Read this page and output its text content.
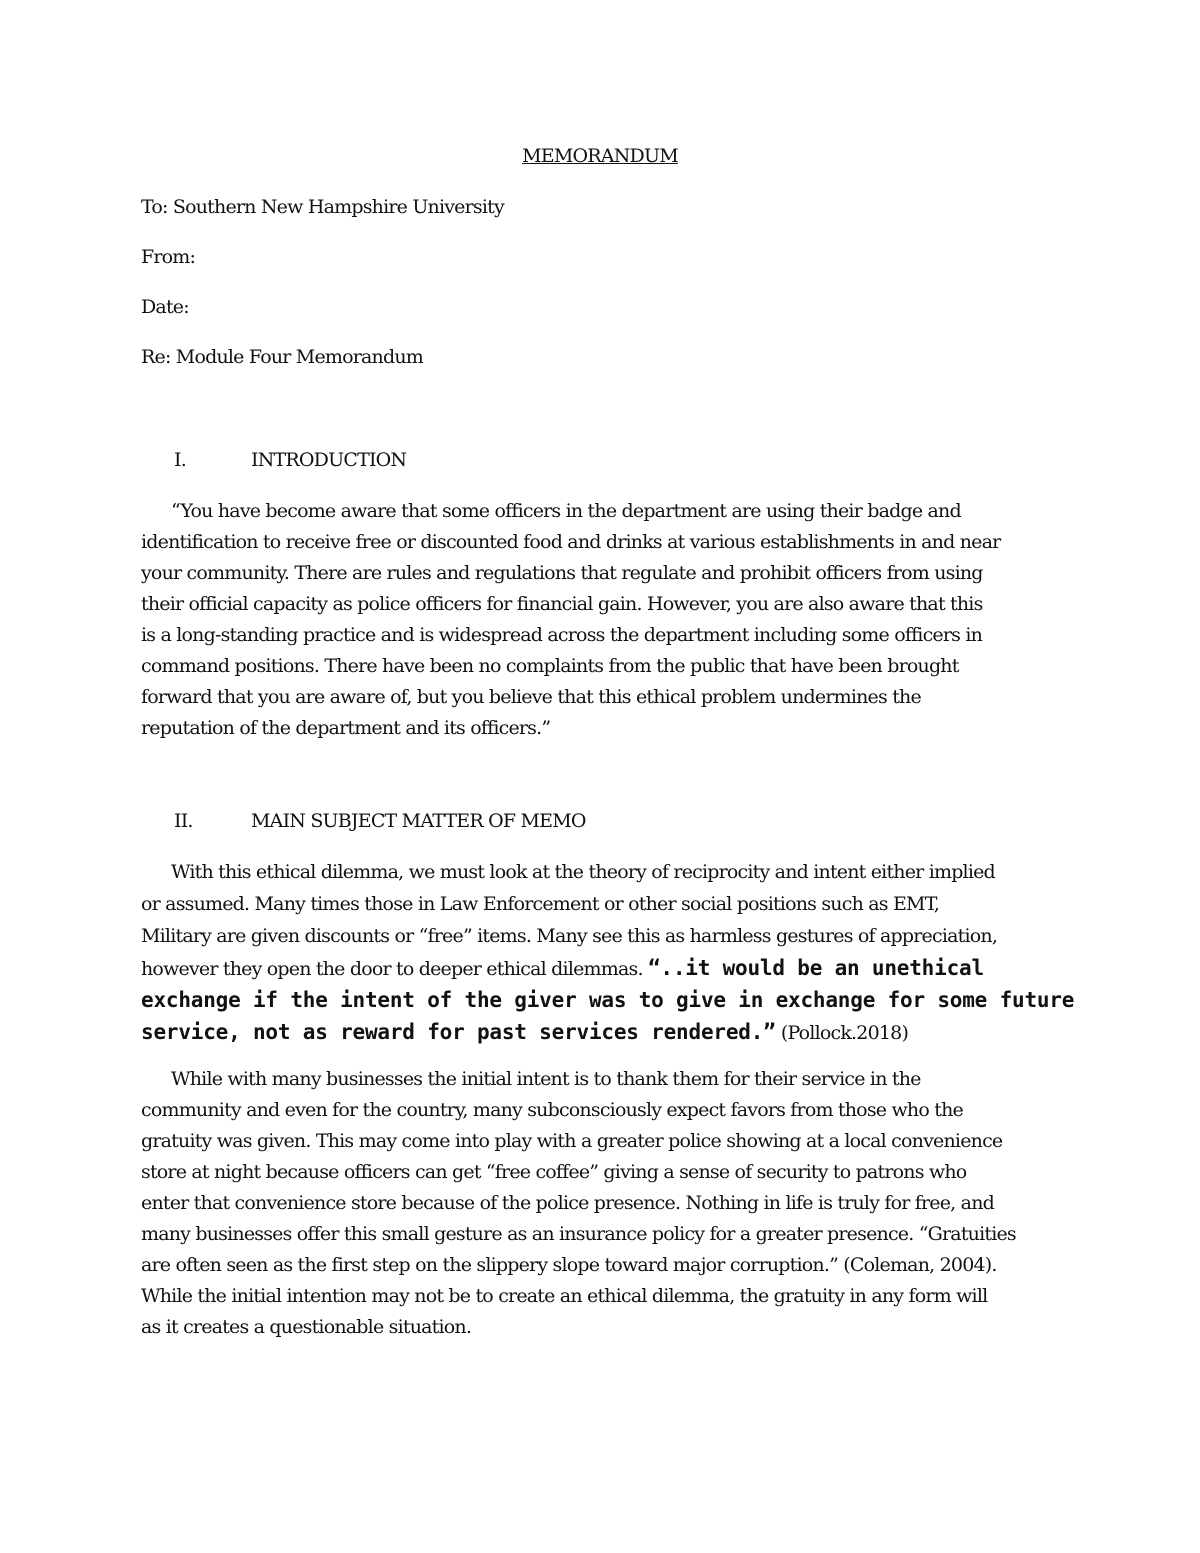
MEMORANDUM
To: Southern New Hampshire University
From:
Date:
Re: Module Four Memorandum
I.	INTRODUCTION
“You have become aware that some officers in the department are using their badge and
identification to receive free or discounted food and drinks at various establishments in and near
your community. There are rules and regulations that regulate and prohibit officers from using
their official capacity as police officers for financial gain. However, you are also aware that this
is a long-standing practice and is widespread across the department including some officers in
command positions. There have been no complaints from the public that have been brought
forward that you are aware of, but you believe that this ethical problem undermines the
reputation of the department and its officers.”
II.	MAIN SUBJECT MATTER OF MEMO
With this ethical dilemma, we must look at the theory of reciprocity and intent either implied
or assumed. Many times those in Law Enforcement or other social positions such as EMT,
Military are given discounts or “free” items. Many see this as harmless gestures of appreciation,
however they open the door to deeper ethical dilemmas. “..it would be an unethical
exchange if the intent of the giver was to give in exchange for some future
service, not as reward for past services rendered.” (Pollock.2018)
While with many businesses the initial intent is to thank them for their service in the
community and even for the country, many subconsciously expect favors from those who the
gratuity was given. This may come into play with a greater police showing at a local convenience
store at night because officers can get “free coffee” giving a sense of security to patrons who
enter that convenience store because of the police presence. Nothing in life is truly for free, and
many businesses offer this small gesture as an insurance policy for a greater presence. “Gratuities
are often seen as the first step on the slippery slope toward major corruption.” (Coleman, 2004).
While the initial intention may not be to create an ethical dilemma, the gratuity in any form will
as it creates a questionable situation.
